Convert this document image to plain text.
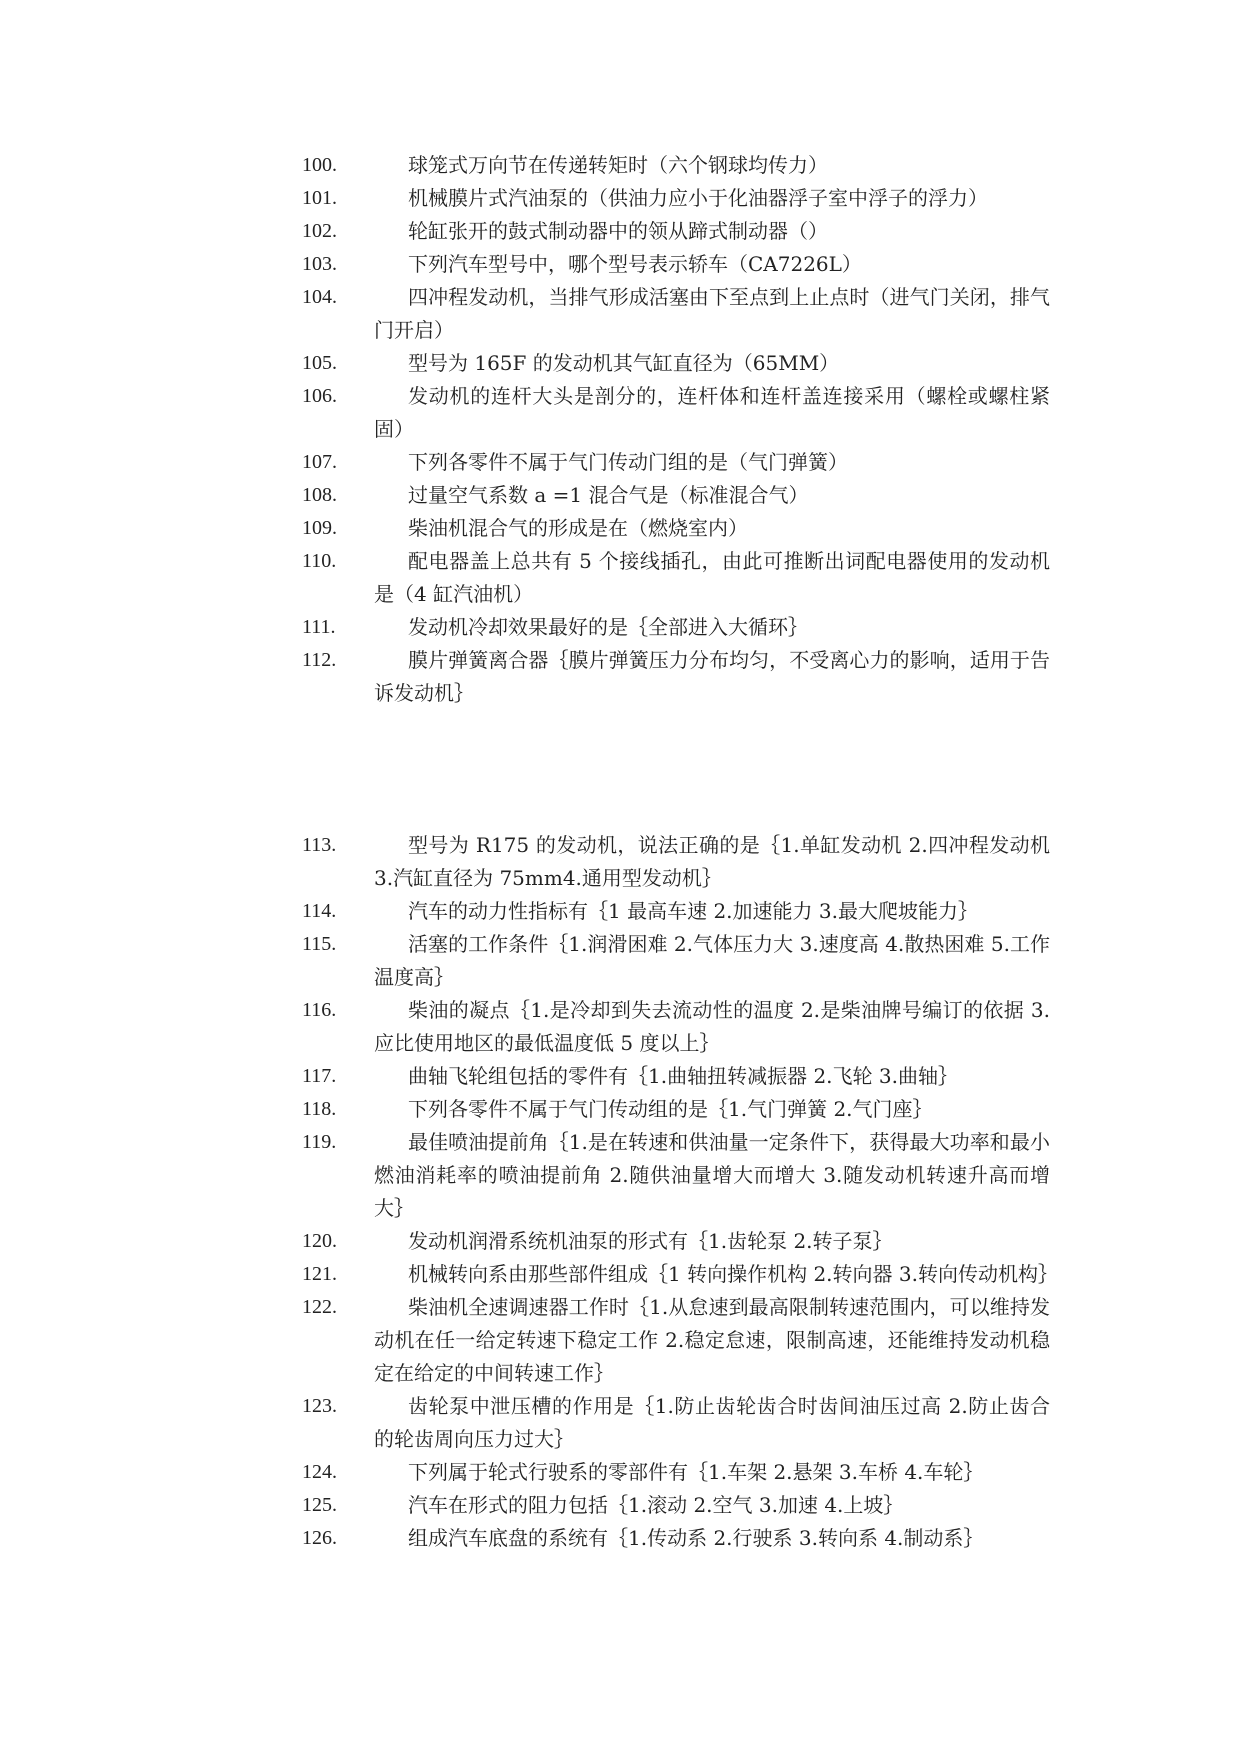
100.	球笼式万向节在传递转矩时（六个钢球均传力）
101.	机械膜片式汽油泵的（供油力应小于化油器浮子室中浮子的浮力）
102.	轮缸张开的鼓式制动器中的领从蹄式制动器（）
103.	下列汽车型号中，哪个型号表示轿车（CA7226L）
104.	四冲程发动机，当排气形成活塞由下至点到上止点时（进气门关闭，排气门开启）
105.	型号为 165F 的发动机其气缸直径为（65MM）
106.	发动机的连杆大头是剖分的，连杆体和连杆盖连接采用（螺栓或螺柱紧固）
107.	下列各零件不属于气门传动门组的是（气门弹簧）
108.	过量空气系数 a =1 混合气是（标准混合气）
109.	柴油机混合气的形成是在（燃烧室内）
110.	配电器盖上总共有 5 个接线插孔，由此可推断出词配电器使用的发动机是（4 缸汽油机）
111.	发动机冷却效果最好的是｛全部进入大循环｝
112.	膜片弹簧离合器｛膜片弹簧压力分布均匀，不受离心力的影响，适用于告诉发动机｝
113.	型号为 R175 的发动机，说法正确的是｛1.单缸发动机 2.四冲程发动机 3.汽缸直径为 75mm4.通用型发动机｝
114.	汽车的动力性指标有｛1 最高车速 2.加速能力 3.最大爬坡能力｝
115.	活塞的工作条件｛1.润滑困难 2.气体压力大 3.速度高 4.散热困难 5.工作温度高｝
116.	柴油的凝点｛1.是冷却到失去流动性的温度 2.是柴油牌号编订的依据 3.应比使用地区的最低温度低 5 度以上｝
117.	曲轴飞轮组包括的零件有｛1.曲轴扭转减振器 2.飞轮 3.曲轴｝
118.	下列各零件不属于气门传动组的是｛1.气门弹簧 2.气门座｝
119.	最佳喷油提前角｛1.是在转速和供油量一定条件下，获得最大功率和最小燃油消耗率的喷油提前角 2.随供油量增大而增大 3.随发动机转速升高而增大｝
120.	发动机润滑系统机油泵的形式有｛1.齿轮泵 2.转子泵｝
121.	机械转向系由那些部件组成｛1 转向操作机构 2.转向器 3.转向传动机构｝
122.	柴油机全速调速器工作时｛1.从怠速到最高限制转速范围内，可以维持发动机在任一给定转速下稳定工作 2.稳定怠速，限制高速，还能维持发动机稳定在给定的中间转速工作｝
123.	齿轮泵中泄压槽的作用是｛1.防止齿轮齿合时齿间油压过高 2.防止齿合的轮齿周向压力过大｝
124.	下列属于轮式行驶系的零部件有｛1.车架 2.悬架 3.车桥 4.车轮｝
125.	汽车在形式的阻力包括｛1.滚动 2.空气 3.加速 4.上坡｝
126.	组成汽车底盘的系统有｛1.传动系 2.行驶系 3.转向系 4.制动系｝
